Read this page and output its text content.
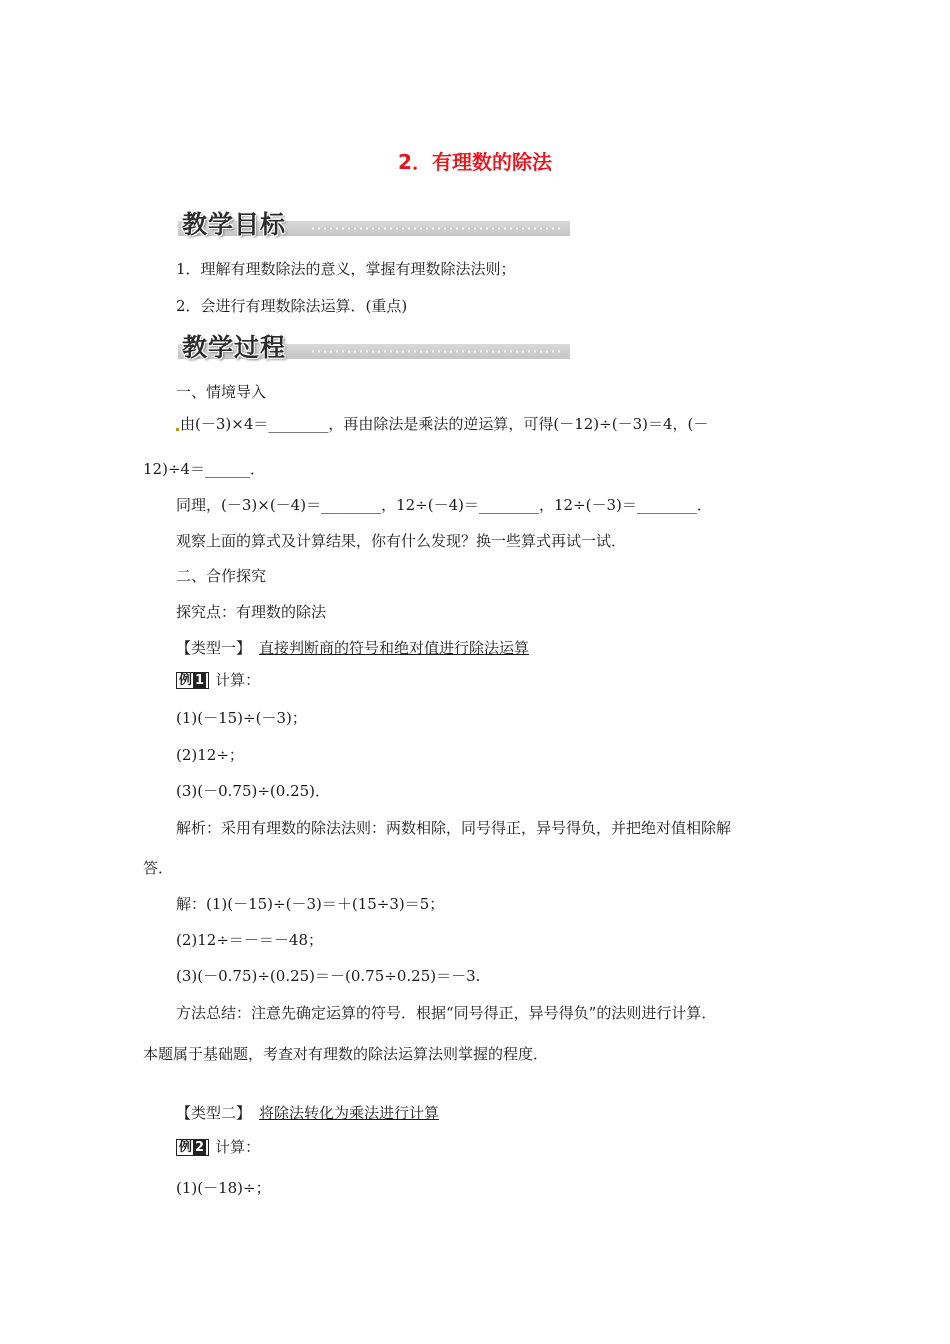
2．有理数的除法
教学目标
1．理解有理数除法的意义，掌握有理数除法法则；
2．会进行有理数除法运算．(重点)
教学过程
一、情境导入
由(－3)×4＝________，再由除法是乘法的逆运算，可得(－12)÷(－3)＝4，(－
12)÷4＝______．
同理，(－3)×(－4)＝________，12÷(－4)＝________，12÷(－3)＝________．
观察上面的算式及计算结果，你有什么发现？换一些算式再试一试．
二、合作探究
探究点：有理数的除法
【类型一】 直接判断商的符号和绝对值进行除法运算
例 1 计算：
(1)(－15)÷(－3)；
(2)12÷；
(3)(－0.75)÷(0.25)．
解析：采用有理数的除法法则：两数相除，同号得正，异号得负，并把绝对值相除解
答．
解：(1)(－15)÷(－3)＝＋(15÷3)＝5；
(2)12÷＝－＝－48；
(3)(－0.75)÷(0.25)＝－(0.75÷0.25)＝－3.
方法总结：注意先确定运算的符号．根据“同号得正，异号得负”的法则进行计算．
本题属于基础题，考查对有理数的除法运算法则掌握的程度．
【类型二】 将除法转化为乘法进行计算
例 2 计算：
(1)(－18)÷；
